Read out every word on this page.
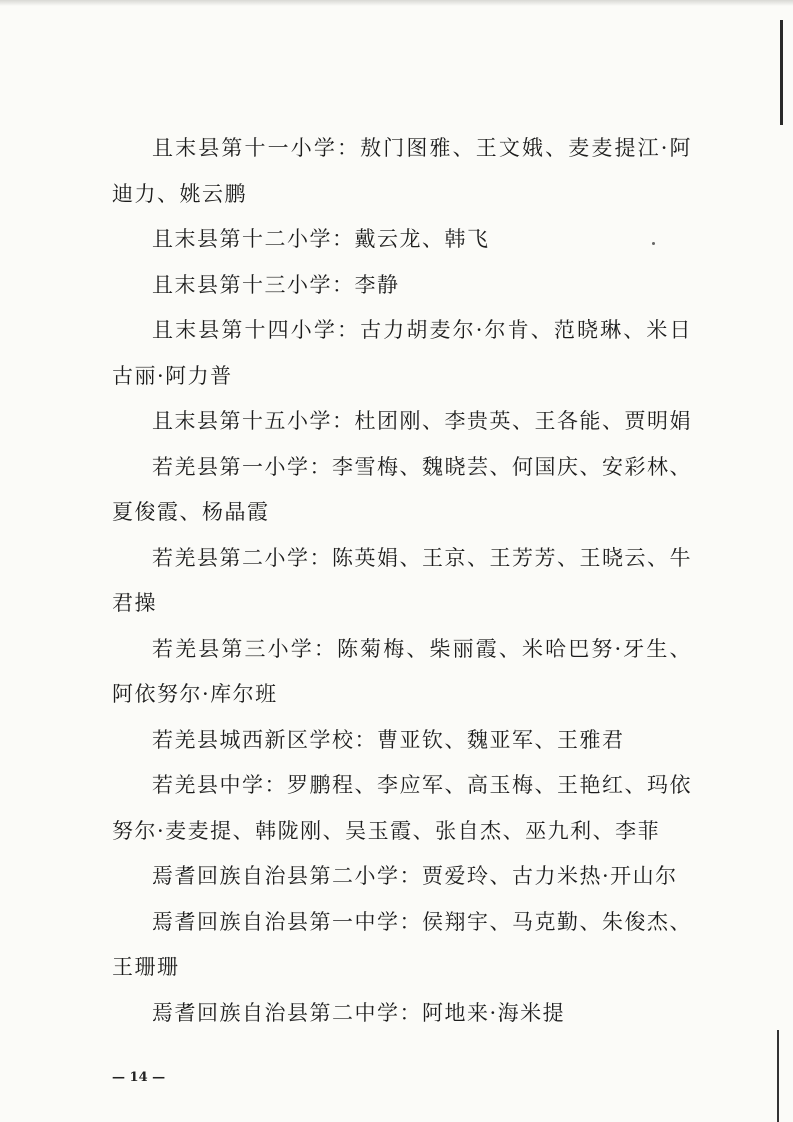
且末县第十一小学：敖门图雅、王文娥、麦麦提江·阿迪力、姚云鹏

且末县第十二小学：戴云龙、韩飞

且末县第十三小学：李静

且末县第十四小学：古力胡麦尔·尔肯、范晓琳、米日古丽·阿力普

且末县第十五小学：杜团刚、李贵英、王各能、贾明娟

若羌县第一小学：李雪梅、魏晓芸、何国庆、安彩林、夏俊霞、杨晶霞

若羌县第二小学：陈英娟、王京、王芳芳、王晓云、牛君操

若羌县第三小学：陈菊梅、柴丽霞、米哈巴努·牙生、阿依努尔·库尔班

若羌县城西新区学校：曹亚钦、魏亚军、王雅君

若羌县中学：罗鹏程、李应军、高玉梅、王艳红、玛依努尔·麦麦提、韩陇刚、吴玉霞、张自杰、巫九利、李菲

焉耆回族自治县第二小学：贾爱玲、古力米热·开山尔

焉耆回族自治县第一中学：侯翔宇、马克勤、朱俊杰、王珊珊

焉耆回族自治县第二中学：阿地来·海米提

— 14 —
